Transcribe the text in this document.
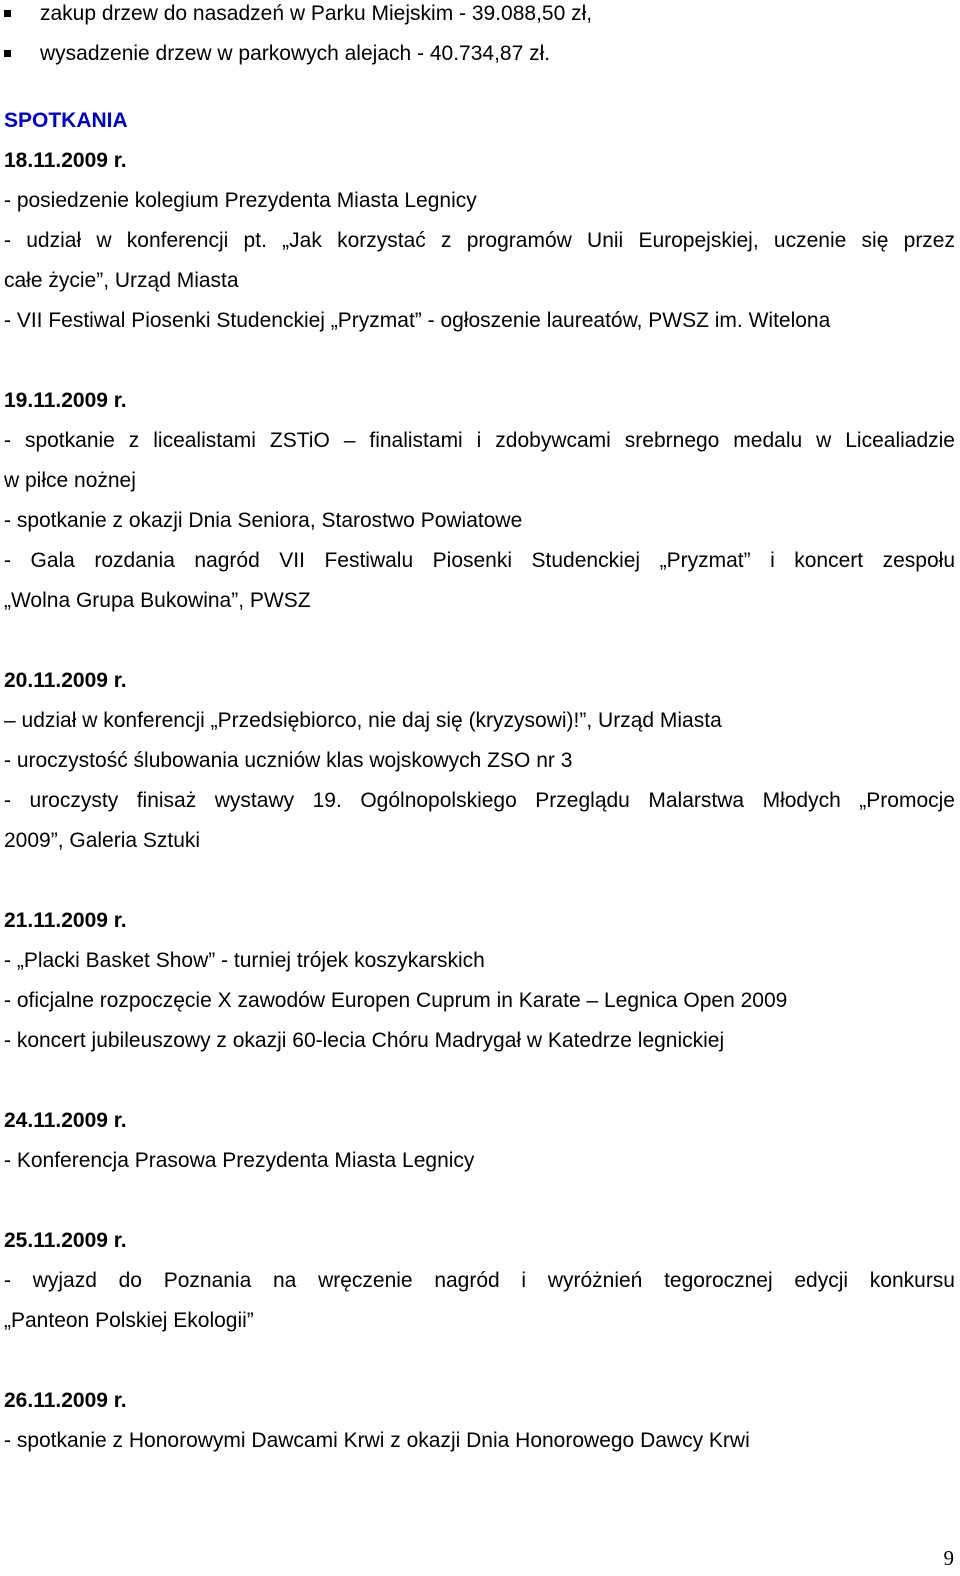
zakup drzew do nasadzeń w Parku Miejskim - 39.088,50 zł,
wysadzenie drzew w parkowych alejach - 40.734,87 zł.
SPOTKANIA
18.11.2009 r.
- posiedzenie kolegium Prezydenta Miasta Legnicy
- udział w konferencji pt. „Jak korzystać z programów Unii Europejskiej, uczenie się przez
całe życie”, Urząd Miasta
- VII Festiwal Piosenki Studenckiej „Pryzmat” - ogłoszenie laureatów, PWSZ im. Witelona
19.11.2009 r.
- spotkanie z licealistami ZSTiO – finalistami i zdobywcami srebrnego medalu w Licealiadzie
w piłce nożnej
- spotkanie z okazji Dnia Seniora, Starostwo Powiatowe
- Gala rozdania nagród VII Festiwalu Piosenki Studenckiej „Pryzmat” i koncert zespołu
„Wolna Grupa Bukowina”, PWSZ
20.11.2009 r.
– udział w konferencji „Przedsiębiorco, nie daj się (kryzysowi)!”, Urząd Miasta
- uroczystość ślubowania uczniów klas wojskowych ZSO nr 3
- uroczysty finisaż wystawy 19. Ogólnopolskiego Przeglądu Malarstwa Młodych „Promocje
2009”, Galeria Sztuki
21.11.2009 r.
- „Placki Basket Show” - turniej trójek koszykarskich
- oficjalne rozpoczęcie X zawodów Europen Cuprum in Karate – Legnica Open 2009
- koncert jubileuszowy z okazji 60-lecia Chóru Madrygał w Katedrze legnickiej
24.11.2009 r.
- Konferencja Prasowa Prezydenta Miasta Legnicy
25.11.2009 r.
- wyjazd do Poznania na wręczenie nagród i wyróżnień tegorocznej edycji konkursu
„Panteon Polskiej Ekologii”
26.11.2009 r.
- spotkanie z Honorowymi Dawcami Krwi z okazji Dnia Honorowego Dawcy Krwi
9
